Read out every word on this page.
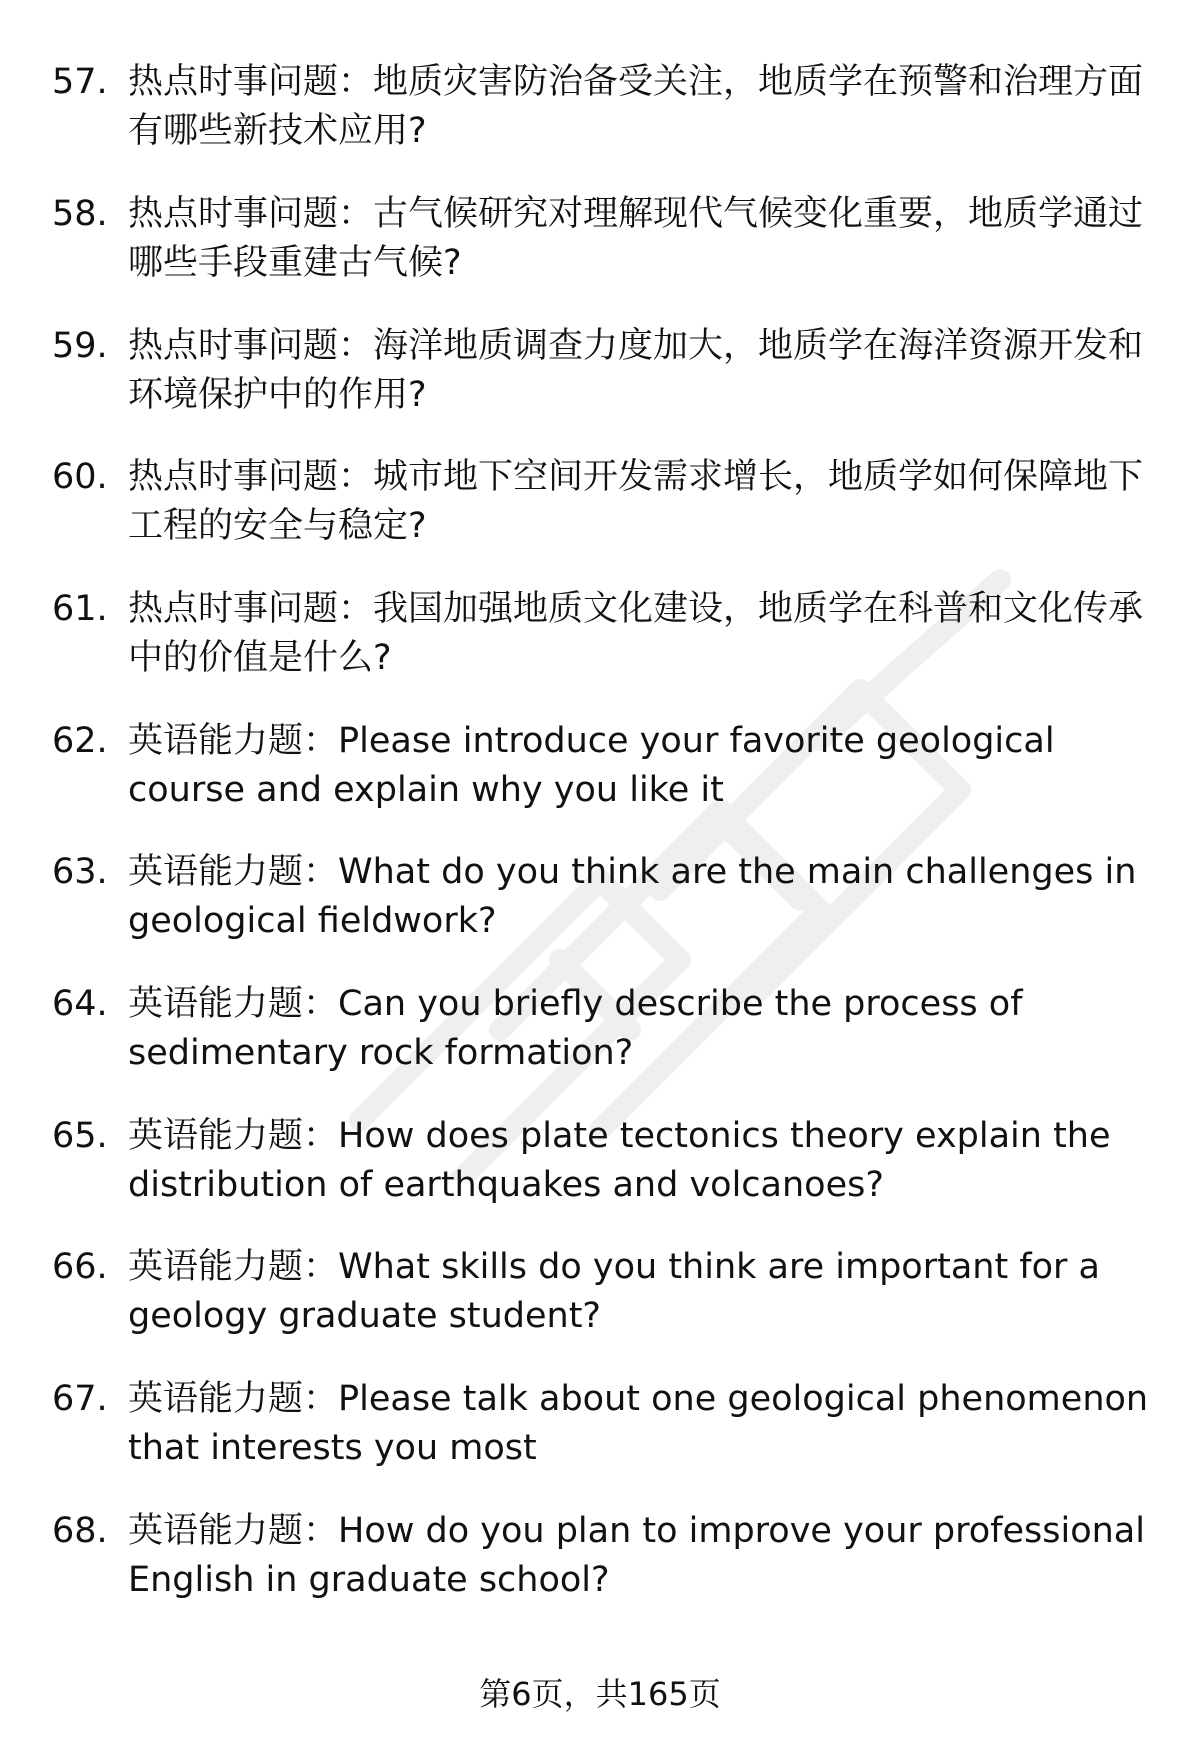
57. 热点时事问题：地质灾害防治备受关注，地质学在预警和治理方面有哪些新技术应用?
58. 热点时事问题：古气候研究对理解现代气候变化重要，地质学通过哪些手段重建古气候?
59. 热点时事问题：海洋地质调查力度加大，地质学在海洋资源开发和环境保护中的作用?
60. 热点时事问题：城市地下空间开发需求增长，地质学如何保障地下工程的安全与稳定?
61. 热点时事问题：我国加强地质文化建设，地质学在科普和文化传承中的价值是什么?
62. 英语能力题：Please introduce your favorite geological course and explain why you like it
63. 英语能力题：What do you think are the main challenges in geological fieldwork?
64. 英语能力题：Can you briefly describe the process of sedimentary rock formation?
65. 英语能力题：How does plate tectonics theory explain the distribution of earthquakes and volcanoes?
66. 英语能力题：What skills do you think are important for a geology graduate student?
67. 英语能力题：Please talk about one geological phenomenon that interests you most
68. 英语能力题：How do you plan to improve your professional English in graduate school?
第6页，共165页
